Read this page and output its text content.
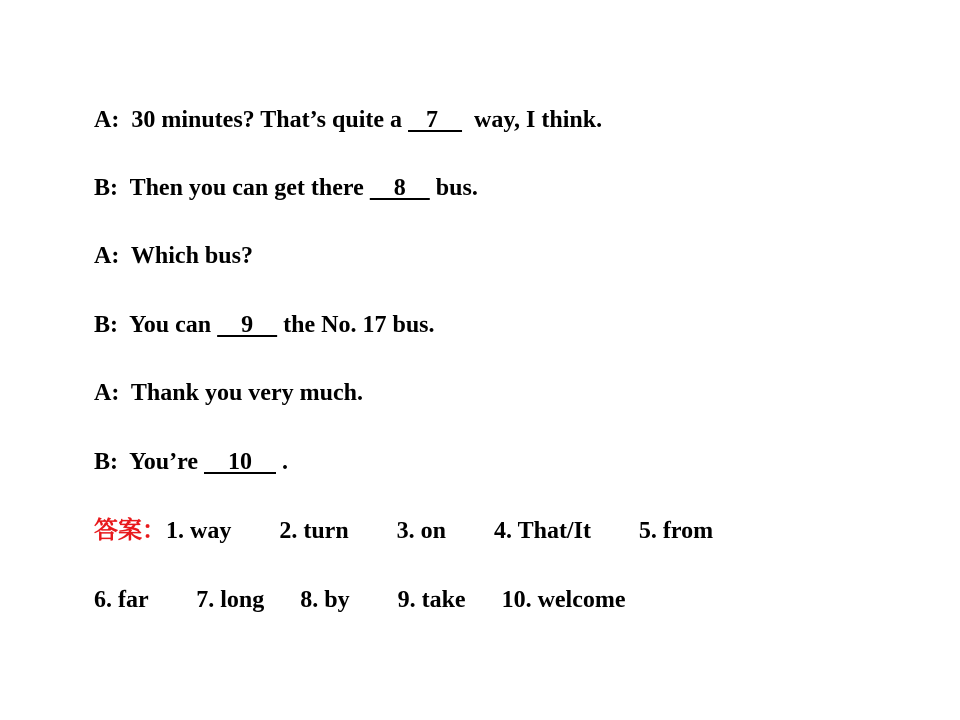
A:  30 minutes? That’s quite a    7      way, I think.
B:  Then you can get there     8     bus.
A:  Which bus?
B:  You can     9     the No. 17 bus.
A:  Thank you very much.
B:  You’re     10     .
答案：1. way        2. turn        3. on        4. That/It        5. from
6. far        7. long      8. by        9. take      10. welcome
